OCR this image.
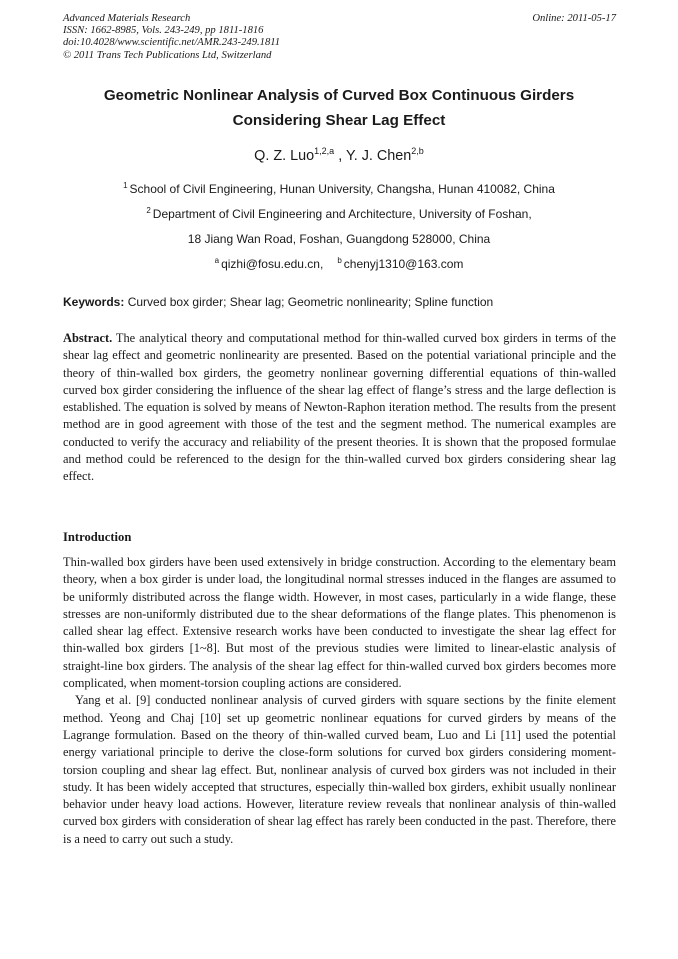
Advanced Materials Research
ISSN: 1662-8985, Vols. 243-249, pp 1811-1816
doi:10.4028/www.scientific.net/AMR.243-249.1811
© 2011 Trans Tech Publications Ltd, Switzerland
Online: 2011-05-17
Geometric Nonlinear Analysis of Curved Box Continuous Girders
Considering Shear Lag Effect
Q. Z. Luo$^{1,2,a}$ , Y. J. Chen$^{2,b}$
$^1$ School of Civil Engineering, Hunan University, Changsha, Hunan 410082, China
$^2$ Department of Civil Engineering and Architecture, University of Foshan,
18 Jiang Wan Road, Foshan, Guangdong 528000, China
$^a$ qizhi@fosu.edu.cn, $^b$ chenyj1310@163.com
Keywords: Curved box girder; Shear lag; Geometric nonlinearity; Spline function
Abstract. The analytical theory and computational method for thin-walled curved box girders in terms of the shear lag effect and geometric nonlinearity are presented. Based on the potential variational principle and the theory of thin-walled box girders, the geometry nonlinear governing differential equations of thin-walled curved box girder considering the influence of the shear lag effect of flange’s stress and the large deflection is established. The equation is solved by means of Newton-Raphon iteration method. The results from the present method are in good agreement with those of the test and the segment method. The numerical examples are conducted to verify the accuracy and reliability of the present theories. It is shown that the proposed formulae and method could be referenced to the design for the thin-walled curved box girders considering shear lag effect.
Introduction

Thin-walled box girders have been used extensively in bridge construction. According to the elementary beam theory, when a box girder is under load, the longitudinal normal stresses induced in the flanges are assumed to be uniformly distributed across the flange width. However, in most cases, particularly in a wide flange, these stresses are non-uniformly distributed due to the shear deformations of the flange plates. This phenomenon is called shear lag effect. Extensive research works have been conducted to investigate the shear lag effect for thin-walled box girders [1~8]. But most of the previous studies were limited to linear-elastic analysis of straight-line box girders. The analysis of the shear lag effect for thin-walled curved box girders becomes more complicated, when moment-torsion coupling actions are considered.

Yang et al. [9] conducted nonlinear analysis of curved girders with square sections by the finite element method. Yeong and Chaj [10] set up geometric nonlinear equations for curved girders by means of the Lagrange formulation. Based on the theory of thin-walled curved beam, Luo and Li [11] used the potential energy variational principle to derive the close-form solutions for curved box girders considering moment-torsion coupling and shear lag effect. But, nonlinear analysis of curved box girders was not included in their study. It has been widely accepted that structures, especially thin-walled box girders, exhibit usually nonlinear behavior under heavy load actions. However, literature review reveals that nonlinear analysis of thin-walled curved box girders with consideration of shear lag effect has rarely been conducted in the past. Therefore, there is a need to carry out such a study.
